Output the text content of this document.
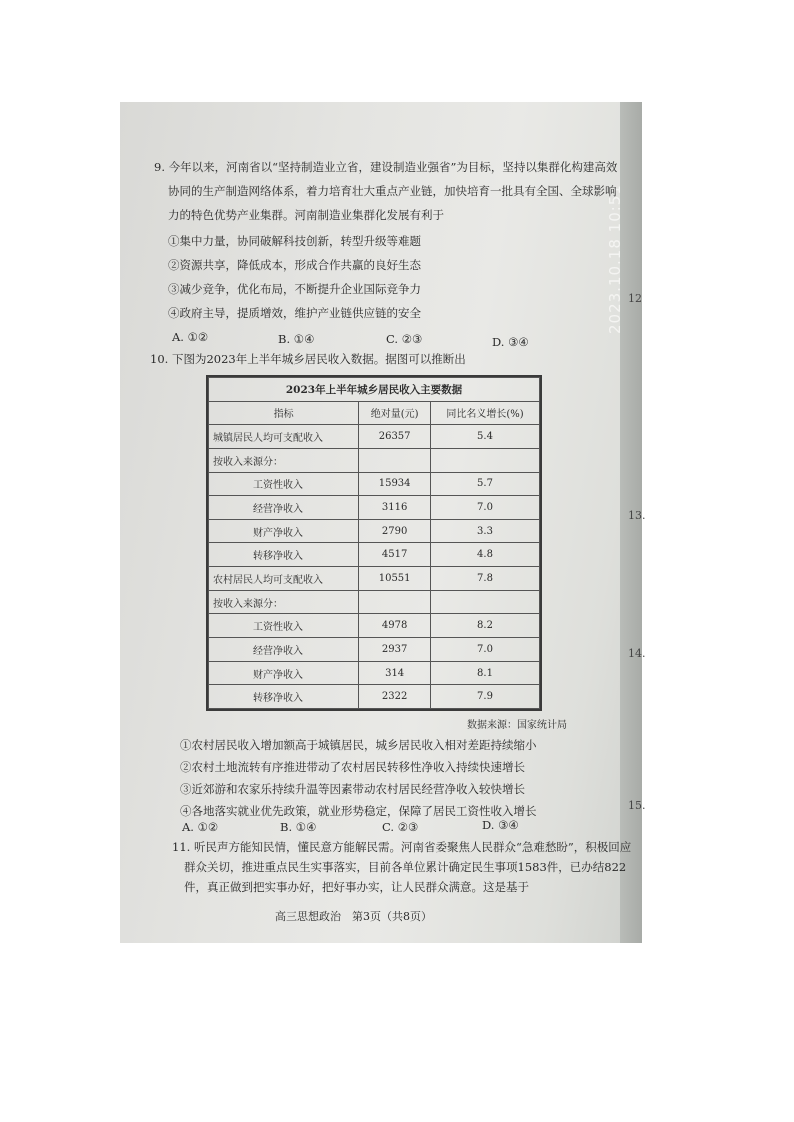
12
13.
14.
15.
2023.10.18 10:51
9. 今年以来，河南省以“坚持制造业立省，建设制造业强省”为目标，坚持以集群化构建高效
协同的生产制造网络体系，着力培育壮大重点产业链，加快培育一批具有全国、全球影响
力的特色优势产业集群。河南制造业集群化发展有利于
①集中力量，协同破解科技创新，转型升级等难题
②资源共享，降低成本，形成合作共赢的良好生态
③减少竞争，优化布局，不断提升企业国际竞争力
④政府主导，提质增效，维护产业链供应链的安全
A. ①②	B. ①④	C. ②③	D. ③④
10. 下图为2023年上半年城乡居民收入数据。据图可以推断出
2023年上半年城乡居民收入主要数据		
指标	绝对量(元)	同比名义增长(%)
城镇居民人均可支配收入	26357	5.4
按收入来源分：		
工资性收入	15934	5.7
经营净收入	3116	7.0
财产净收入	2790	3.3
转移净收入	4517	4.8
农村居民人均可支配收入	10551	7.8
按收入来源分：		
工资性收入	4978	8.2
经营净收入	2937	7.0
财产净收入	314	8.1
转移净收入	2322	7.9
数据来源：国家统计局
①农村居民收入增加额高于城镇居民，城乡居民收入相对差距持续缩小
②农村土地流转有序推进带动了农村居民转移性净收入持续快速增长
③近郊游和农家乐持续升温等因素带动农村居民经营净收入较快增长
④各地落实就业优先政策，就业形势稳定，保障了居民工资性收入增长
A. ①②	B. ①④	C. ②③	D. ③④
11. 听民声方能知民情，懂民意方能解民需。河南省委聚焦人民群众“急难愁盼”，积极回应
群众关切，推进重点民生实事落实，目前各单位累计确定民生事项1583件，已办结822
件，真正做到把实事办好，把好事办实，让人民群众满意。这是基于
高三思想政治　第3页（共8页）
